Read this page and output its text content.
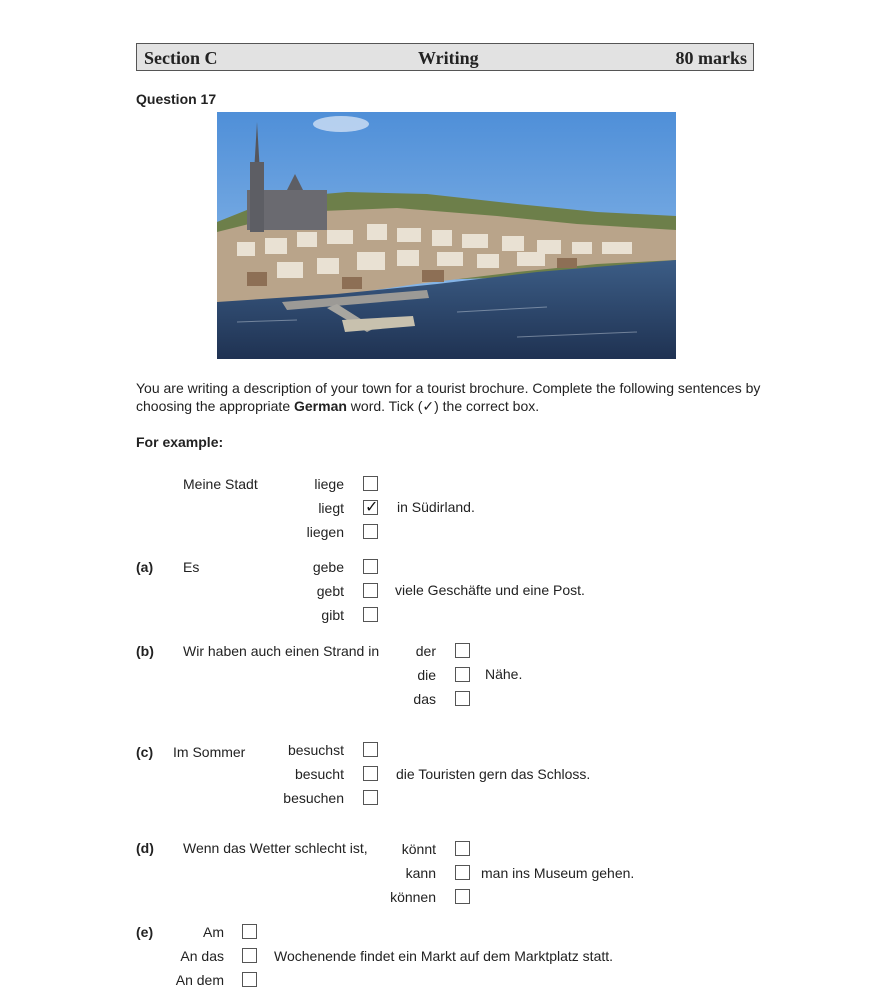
Section C	Writing	80 marks
Question 17
You are writing a description of your town for a tourist brochure. Complete the following sentences by choosing the appropriate German word. Tick (✓) the correct box.
For example:
Meine Stadt	liege
liegt
liegen
✓ in Südirland.
(a) Es	gebe
gebt
gibt
viele Geschäfte und eine Post.
(b) Wir haben auch einen Strand in	der
die
das
Nähe.
(c) Im Sommer	besuchst
besucht
besuchen
die Touristen gern das Schloss.
(d) Wenn das Wetter schlecht ist, könnt
kann
können
man ins Museum gehen.
(e)	Am
An das
An dem
Wochenende findet ein Markt auf dem Marktplatz statt.
